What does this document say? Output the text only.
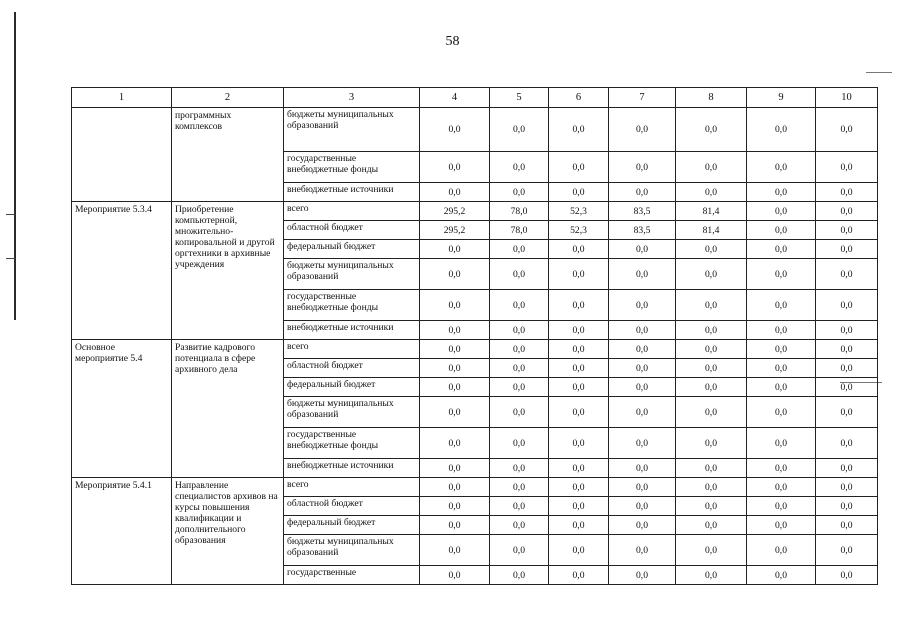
58
1	2	3	4	5	6	7	8	9	10
	программных комплексов	бюджеты муниципальных образований	0,0	0,0	0,0	0,0	0,0	0,0	0,0
		государственные внебюджетные фонды	0,0	0,0	0,0	0,0	0,0	0,0	0,0
		внебюджетные источники	0,0	0,0	0,0	0,0	0,0	0,0	0,0
Мероприятие 5.3.4	Приобретение компьютерной, множительно-копировальной и другой оргтехники в архивные учреждения	всего	295,2	78,0	52,3	83,5	81,4	0,0	0,0
		областной бюджет	295,2	78,0	52,3	83,5	81,4	0,0	0,0
		федеральный бюджет	0,0	0,0	0,0	0,0	0,0	0,0	0,0
		бюджеты муниципальных образований	0,0	0,0	0,0	0,0	0,0	0,0	0,0
		государственные внебюджетные фонды	0,0	0,0	0,0	0,0	0,0	0,0	0,0
		внебюджетные источники	0,0	0,0	0,0	0,0	0,0	0,0	0,0
Основное мероприятие 5.4	Развитие кадрового потенциала в сфере архивного дела	всего	0,0	0,0	0,0	0,0	0,0	0,0	0,0
		областной бюджет	0,0	0,0	0,0	0,0	0,0	0,0	0,0
		федеральный бюджет	0,0	0,0	0,0	0,0	0,0	0,0	0,0
		бюджеты муниципальных образований	0,0	0,0	0,0	0,0	0,0	0,0	0,0
		государственные внебюджетные фонды	0,0	0,0	0,0	0,0	0,0	0,0	0,0
		внебюджетные источники	0,0	0,0	0,0	0,0	0,0	0,0	0,0
Мероприятие 5.4.1	Направление специалистов архивов на курсы повышения квалификации и дополнительного образования	всего	0,0	0,0	0,0	0,0	0,0	0,0	0,0
		областной бюджет	0,0	0,0	0,0	0,0	0,0	0,0	0,0
		федеральный бюджет	0,0	0,0	0,0	0,0	0,0	0,0	0,0
		бюджеты муниципальных образований	0,0	0,0	0,0	0,0	0,0	0,0	0,0
		государственные	0,0	0,0	0,0	0,0	0,0	0,0	0,0
